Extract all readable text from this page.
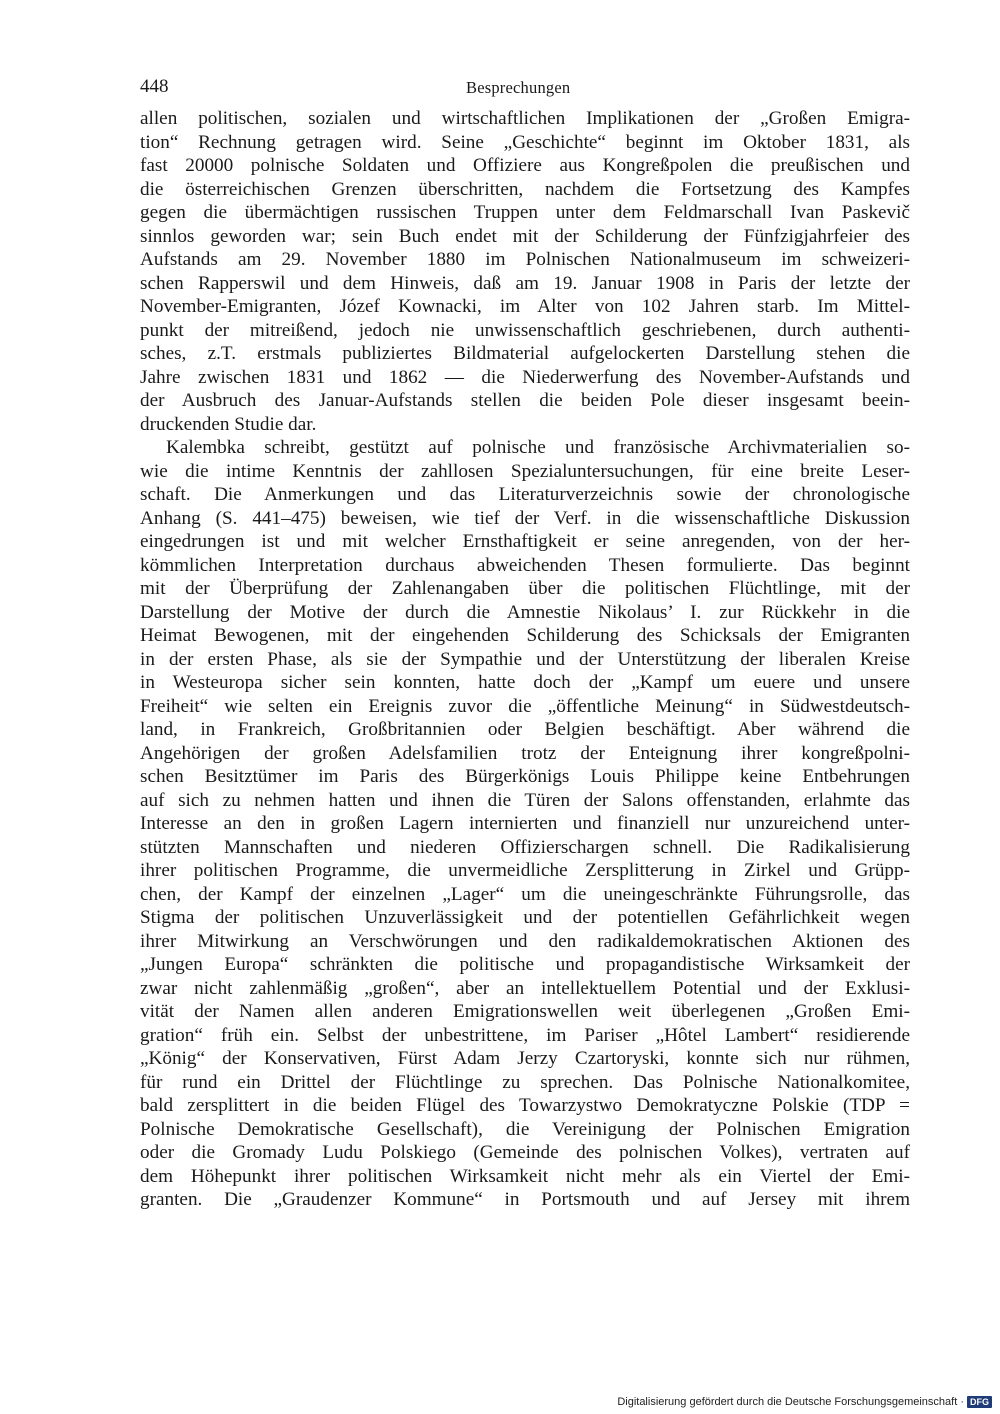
448	Besprechungen
allen politischen, sozialen und wirtschaftlichen Implikationen der „Großen Emigra-
tion“ Rechnung getragen wird. Seine „Geschichte“ beginnt im Oktober 1831, als
fast 20000 polnische Soldaten und Offiziere aus Kongreßpolen die preußischen und
die österreichischen Grenzen überschritten, nachdem die Fortsetzung des Kampfes
gegen die übermächtigen russischen Truppen unter dem Feldmarschall Ivan Paskevič
sinnlos geworden war; sein Buch endet mit der Schilderung der Fünfzigjahrfeier des
Aufstands am 29. November 1880 im Polnischen Nationalmuseum im schweizeri-
schen Rapperswil und dem Hinweis, daß am 19. Januar 1908 in Paris der letzte der
November-Emigranten, Józef Kownacki, im Alter von 102 Jahren starb. Im Mittel-
punkt der mitreißend, jedoch nie unwissenschaftlich geschriebenen, durch authenti-
sches, z.T. erstmals publiziertes Bildmaterial aufgelockerten Darstellung stehen die
Jahre zwischen 1831 und 1862 — die Niederwerfung des November-Aufstands und
der Ausbruch des Januar-Aufstands stellen die beiden Pole dieser insgesamt beein-
druckenden Studie dar.
Kalembka schreibt, gestützt auf polnische und französische Archivmaterialien so-
wie die intime Kenntnis der zahllosen Spezialuntersuchungen, für eine breite Leser-
schaft. Die Anmerkungen und das Literaturverzeichnis sowie der chronologische
Anhang (S. 441–475) beweisen, wie tief der Verf. in die wissenschaftliche Diskussion
eingedrungen ist und mit welcher Ernsthaftigkeit er seine anregenden, von der her-
kömmlichen Interpretation durchaus abweichenden Thesen formulierte. Das beginnt
mit der Überprüfung der Zahlenangaben über die politischen Flüchtlinge, mit der
Darstellung der Motive der durch die Amnestie Nikolaus’ I. zur Rückkehr in die
Heimat Bewogenen, mit der eingehenden Schilderung des Schicksals der Emigranten
in der ersten Phase, als sie der Sympathie und der Unterstützung der liberalen Kreise
in Westeuropa sicher sein konnten, hatte doch der „Kampf um euere und unsere
Freiheit“ wie selten ein Ereignis zuvor die „öffentliche Meinung“ in Südwestdeutsch-
land, in Frankreich, Großbritannien oder Belgien beschäftigt. Aber während die
Angehörigen der großen Adelsfamilien trotz der Enteignung ihrer kongreßpolni-
schen Besitztümer im Paris des Bürgerkönigs Louis Philippe keine Entbehrungen
auf sich zu nehmen hatten und ihnen die Türen der Salons offenstanden, erlahmte das
Interesse an den in großen Lagern internierten und finanziell nur unzureichend unter-
stützten Mannschaften und niederen Offizierschargen schnell. Die Radikalisierung
ihrer politischen Programme, die unvermeidliche Zersplitterung in Zirkel und Grüpp-
chen, der Kampf der einzelnen „Lager“ um die uneingeschränkte Führungsrolle, das
Stigma der politischen Unzuverlässigkeit und der potentiellen Gefährlichkeit wegen
ihrer Mitwirkung an Verschwörungen und den radikaldemokratischen Aktionen des
„Jungen Europa“ schränkten die politische und propagandistische Wirksamkeit der
zwar nicht zahlenmäßig „großen“, aber an intellektuellem Potential und der Exklusi-
vität der Namen allen anderen Emigrationswellen weit überlegenen „Großen Emi-
gration“ früh ein. Selbst der unbestrittene, im Pariser „Hôtel Lambert“ residierende
„König“ der Konservativen, Fürst Adam Jerzy Czartoryski, konnte sich nur rühmen,
für rund ein Drittel der Flüchtlinge zu sprechen. Das Polnische Nationalkomitee,
bald zersplittert in die beiden Flügel des Towarzystwo Demokratyczne Polskie (TDP =
Polnische Demokratische Gesellschaft), die Vereinigung der Polnischen Emigration
oder die Gromady Ludu Polskiego (Gemeinde des polnischen Volkes), vertraten auf
dem Höhepunkt ihrer politischen Wirksamkeit nicht mehr als ein Viertel der Emi-
granten. Die „Graudenzer Kommune“ in Portsmouth und auf Jersey mit ihrem
Digitalisierung gefördert durch die Deutsche Forschungsgemeinschaft · DFG
